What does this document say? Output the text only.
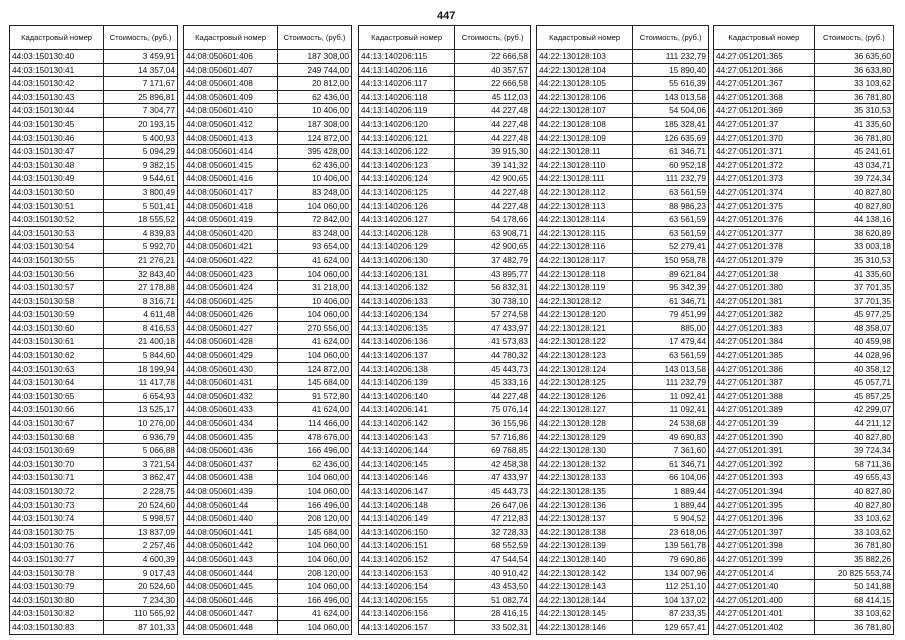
447
Кадастровый номер	Стоимость, (руб.)
44:03:150130:40	3 459,91
44:03:150130:41	14 357,04
44:03:150130:42	7 171,67
44:03:150130:43	25 896,81
44:03:150130:44	7 304,77
44:03:150130:45	20 193,15
44:03:150130:46	5 400,93
44:03:150130:47	5 094,29
44:03:150130:48	9 382,15
44:03:150130:49	9 544,61
44:03:150130:50	3 800,49
44:03:150130:51	5 501,41
44:03:150130:52	18 555,52
44:03:150130:53	4 839,83
44:03:150130:54	5 992,70
44:03:150130:55	21 276,21
44:03:150130:56	32 843,40
44:03:150130:57	27 178,88
44:03:150130:58	8 316,71
44:03:150130:59	4 611,48
44:03:150130:60	8 416,53
44:03:150130:61	21 400,18
44:03:150130:62	5 844,60
44:03:150130:63	18 199,94
44:03:150130:64	11 417,78
44:03:150130:65	6 654,93
44:03:150130:66	13 525,17
44:03:150130:67	10 276,00
44:03:150130:68	6 936,79
44:03:150130:69	5 066,88
44:03:150130:70	3 721,54
44:03:150130:71	3 862,47
44:03:150130:72	2 228,75
44:03:150130:73	20 524,60
44:03:150130:74	5 998,57
44:03:150130:75	13 837,09
44:03:150130:76	2 257,46
44:03:150130:77	4 600,39
44:03:150130:78	9 017,43
44:03:150130:79	20 524,60
44:03:150130:80	7 234,30
44:03:150130:82	110 565,92
44:03:150130:83	87 101,33
Кадастровый номер	Стоимость, (руб.)
44:08:050601:406	187 308,00
44:08:050601:407	249 744,00
44:08:050601:408	20 812,00
44:08:050601:409	62 436,00
44:08:050601:410	10 406,00
44:08:050601:412	187 308,00
44:08:050601:413	124 872,00
44:08:050601:414	395 428,00
44:08:050601:415	62 436,00
44:08:050601:416	10 406,00
44:08:050601:417	83 248,00
44:08:050601:418	104 060,00
44:08:050601:419	72 842,00
44:08:050601:420	83 248,00
44:08:050601:421	93 654,00
44:08:050601:422	41 624,00
44:08:050601:423	104 060,00
44:08:050601:424	31 218,00
44:08:050601:425	10 406,00
44:08:050601:426	104 060,00
44:08:050601:427	270 556,00
44:08:050601:428	41 624,00
44:08:050601:429	104 060,00
44:08:050601:430	124 872,00
44:08:050601:431	145 684,00
44:08:050601:432	91 572,80
44:08:050601:433	41 624,00
44:08:050601:434	114 466,00
44:08:050601:435	478 676,00
44:08:050601:436	166 496,00
44:08:050601:437	62 436,00
44:08:050601:438	104 060,00
44:08:050601:439	104 060,00
44:08:050601:44	166 496,00
44:08:050601:440	208 120,00
44:08:050601:441	145 684,00
44:08:050601:442	104 060,00
44:08:050601:443	104 060,00
44:08:050601:444	208 120,00
44:08:050601:445	104 060,00
44:08:050601:446	166 496,00
44:08:050601:447	41 624,00
44:08:050601:448	104 060,00
Кадастровый номер	Стоимость, (руб.)
44:13:140206:115	22 666,58
44:13:140206:116	40 357,57
44:13:140206:117	22 666,58
44:13:140206:118	45 112,03
44:13:140206:119	44 227,48
44:13:140206:120	44 227,48
44:13:140206:121	44 227,48
44:13:140206:122	39 915,30
44:13:140206:123	39 141,32
44:13:140206:124	42 900,65
44:13:140206:125	44 227,48
44:13:140206:126	44 227,48
44:13:140206:127	54 178,66
44:13:140206:128	63 908,71
44:13:140206:129	42 900,65
44:13:140206:130	37 482,79
44:13:140206:131	43 895,77
44:13:140206:132	56 832,31
44:13:140206:133	30 738,10
44:13:140206:134	57 274,58
44:13:140206:135	47 433,97
44:13:140206:136	41 573,83
44:13:140206:137	44 780,32
44:13:140206:138	45 443,73
44:13:140206:139	45 333,16
44:13:140206:140	44 227,48
44:13:140206:141	75 076,14
44:13:140206:142	36 155,96
44:13:140206:143	57 716,86
44:13:140206:144	69 768,85
44:13:140206:145	42 458,38
44:13:140206:146	47 433,97
44:13:140206:147	45 443,73
44:13:140206:148	26 647,06
44:13:140206:149	47 212,83
44:13:140206:150	32 728,33
44:13:140206:151	68 552,59
44:13:140206:152	47 544,54
44:13:140206:153	40 910,42
44:13:140206:154	43 453,50
44:13:140206:155	51 082,74
44:13:140206:156	28 416,15
44:13:140206:157	33 502,31
Кадастровый номер	Стоимость, (руб.)
44:22:130128:103	111 232,79
44:22:130128:104	15 890,40
44:22:130128:105	55 616,39
44:22:130128:106	143 013,58
44:22:130128:107	54 504,06
44:22:130128:108	185 328,41
44:22:130128:109	126 635,69
44:22:130128:11	61 346,71
44:22:130128:110	60 952,18
44:22:130128:111	111 232,79
44:22:130128:112	63 561,59
44:22:130128:113	88 986,23
44:22:130128:114	63 561,59
44:22:130128:115	63 561,59
44:22:130128:116	52 279,41
44:22:130128:117	150 958,78
44:22:130128:118	89 621,84
44:22:130128:119	95 342,39
44:22:130128:12	61 346,71
44:22:130128:120	79 451,99
44:22:130128:121	885,00
44:22:130128:122	17 479,44
44:22:130128:123	63 561,59
44:22:130128:124	143 013,58
44:22:130128:125	111 232,79
44:22:130128:126	11 092,41
44:22:130128:127	11 092,41
44:22:130128:128	24 538,68
44:22:130128:129	49 690,83
44:22:130128:130	7 361,60
44:22:130128:132	61 346,71
44:22:130128:133	66 104,06
44:22:130128:135	1 889,44
44:22:130128:136	1 889,44
44:22:130128:137	5 904,52
44:22:130128:138	23 618,06
44:22:130128:139	139 561,78
44:22:130128:140	79 690,86
44:22:130128:142	134 007,96
44:22:130128:143	112 251,10
44:22:130128:144	104 137,02
44:22:130128:145	87 233,35
44:22:130128:146	129 657,41
Кадастровый номер	Стоимость, (руб.)
44:27:051201:365	36 635,60
44:27:051201:366	36 633,80
44:27:051201:367	33 103,62
44:27:051201:368	36 781,80
44:27:051201:369	35 310,53
44:27:051201:37	41 335,60
44:27:051201:370	36 781,80
44:27:051201:371	45 241,61
44:27:051201:372	43 034,71
44:27:051201:373	39 724,34
44:27:051201:374	40 827,80
44:27:051201:375	40 827,80
44:27:051201:376	44 138,16
44:27:051201:377	38 620,89
44:27:051201:378	33 003,18
44:27:051201:379	35 310,53
44:27:051201:38	41 335,60
44:27:051201:380	37 701,35
44:27:051201:381	37 701,35
44:27:051201:382	45 977,25
44:27:051201:383	48 358,07
44:27:051201:384	40 459,98
44:27:051201:385	44 028,96
44:27:051201:386	40 358,12
44:27:051201:387	45 057,71
44:27:051201:388	45 857,25
44:27:051201:389	42 299,07
44:27:051201:39	44 211,12
44:27:051201:390	40 827,80
44:27:051201:391	39 724,34
44:27:051201:392	58 711,36
44:27:051201:393	49 655,43
44:27:051201:394	40 827,80
44:27:051201:395	40 827,80
44:27:051201:396	33 103,62
44:27:051201:397	33 103,62
44:27:051201:398	36 781,80
44:27:051201:399	35 882,26
44:27:051201:4	20 825 553,74
44:27:051201:40	50 141,88
44:27:051201:400	68 414,15
44:27:051201:401	33 103,62
44:27:051201:402	36 781,80
